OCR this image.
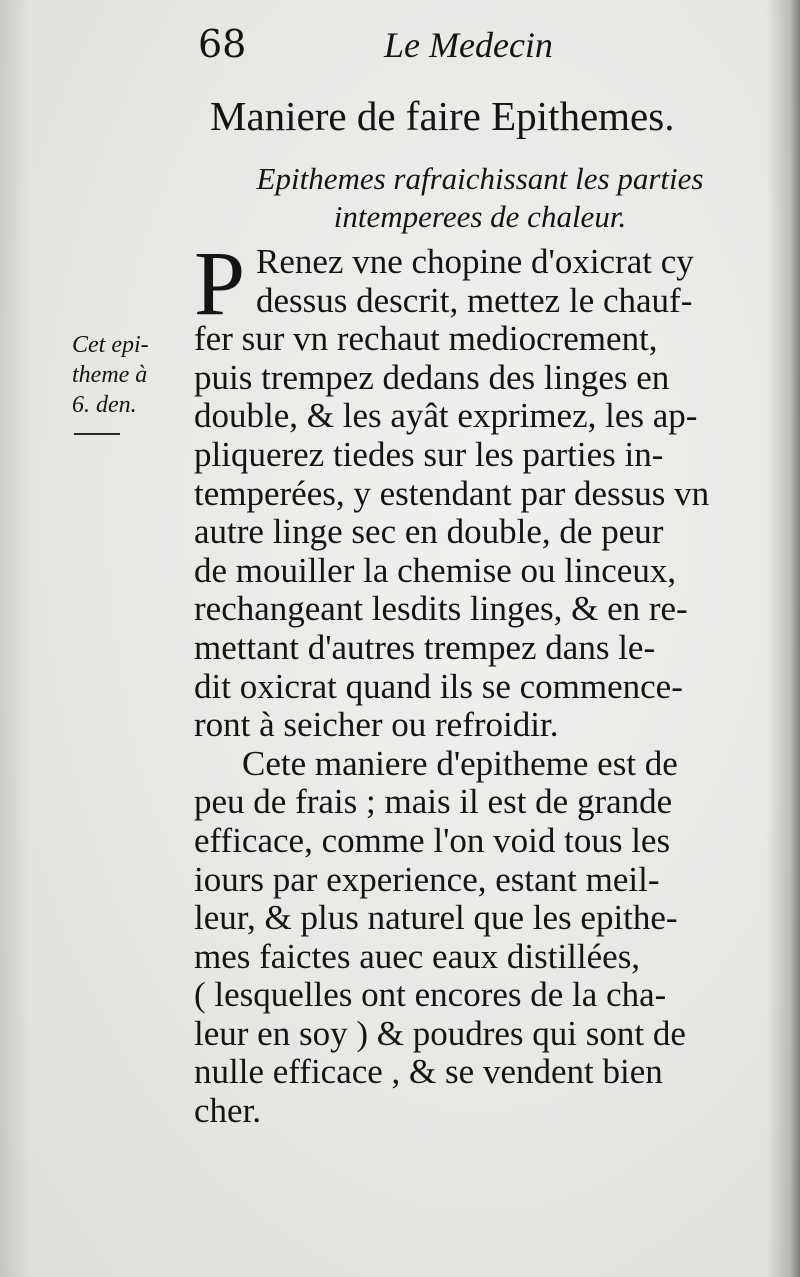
68	Le Medecin
Maniere de faire Epithemes.
Epithemes rafraichissant les parties
intemperees de chaleur.
Cet epi-
theme à
6. den.
P Renez vne chopine d'oxicrat cy
dessus descrit, mettez le chauf-
fer sur vn rechaut mediocrement,
puis trempez dedans des linges en
double, & les ayât exprimez, les ap-
pliquerez tiedes sur les parties in-
temperées, y estendant par dessus vn
autre linge sec en double, de peur
de mouiller la chemise ou linceux,
rechangeant lesdits linges, & en re-
mettant d'autres trempez dans le-
dit oxicrat quand ils se commence-
ront à seicher ou refroidir.
Cete maniere d'epitheme est de
peu de frais ; mais il est de grande
efficace, comme l'on void tous les
iours par experience, estant meil-
leur, & plus naturel que les epithe-
mes faictes auec eaux distillées,
( lesquelles ont encores de la cha-
leur en soy ) & poudres qui sont de
nulle efficace , & se vendent bien
cher.
